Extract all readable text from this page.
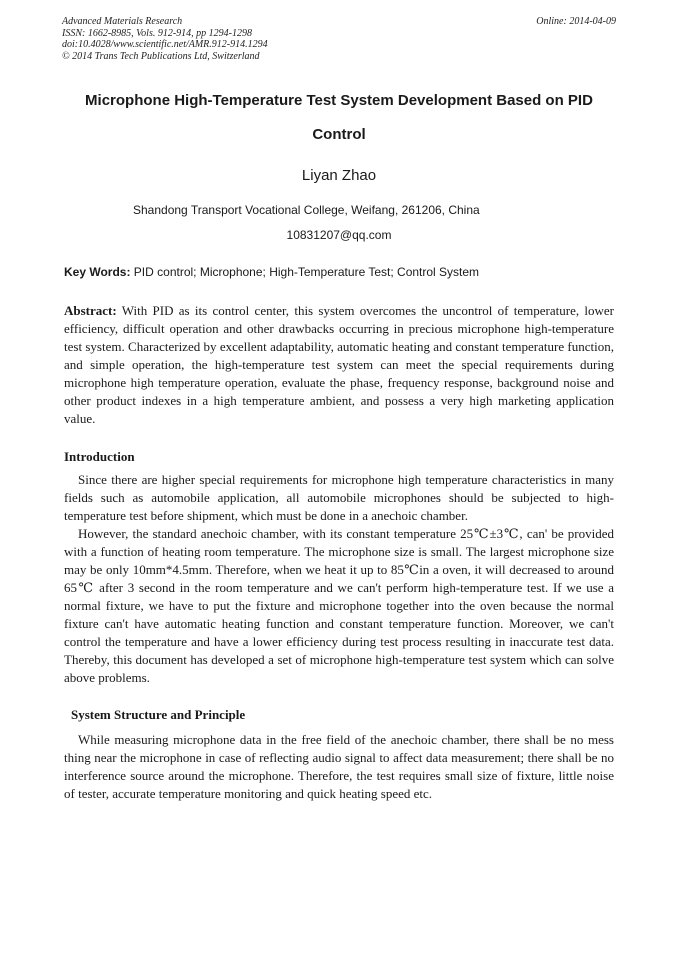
Advanced Materials Research
ISSN: 1662-8985, Vols. 912-914, pp 1294-1298
doi:10.4028/www.scientific.net/AMR.912-914.1294
© 2014 Trans Tech Publications Ltd, Switzerland
Online: 2014-04-09
Microphone High-Temperature Test System Development Based on PID
Control
Liyan Zhao
Shandong Transport Vocational College, Weifang, 261206, China
10831207@qq.com
Key Words: PID control; Microphone; High-Temperature Test; Control System

Abstract: With PID as its control center, this system overcomes the uncontrol of temperature, lower efficiency, difficult operation and other drawbacks occurring in precious microphone high-temperature test system. Characterized by excellent adaptability, automatic heating and constant temperature function, and simple operation, the high-temperature test system can meet the special requirements during microphone high temperature operation, evaluate the phase, frequency response, background noise and other product indexes in a high temperature ambient, and possess a very high marketing application value.

Introduction

Since there are higher special requirements for microphone high temperature characteristics in many fields such as automobile application, all automobile microphones should be subjected to high-temperature test before shipment, which must be done in a anechoic chamber.

However, the standard anechoic chamber, with its constant temperature 25℃±3℃, can' be provided with a function of heating room temperature. The microphone size is small. The largest microphone size may be only 10mm*4.5mm. Therefore, when we heat it up to 85℃in a oven, it will decreased to around 65℃ after 3 second in the room temperature and we can't perform high-temperature test. If we use a normal fixture, we have to put the fixture and microphone together into the oven because the normal fixture can't have automatic heating function and constant temperature function. Moreover, we can't control the temperature and have a lower efficiency during test process resulting in inaccurate test data. Thereby, this document has developed a set of microphone high-temperature test system which can solve above problems.

System Structure and Principle

While measuring microphone data in the free field of the anechoic chamber, there shall be no mess thing near the microphone in case of reflecting audio signal to affect data measurement; there shall be no interference source around the microphone. Therefore, the test requires small size of fixture, little noise of tester, accurate temperature monitoring and quick heating speed etc.
